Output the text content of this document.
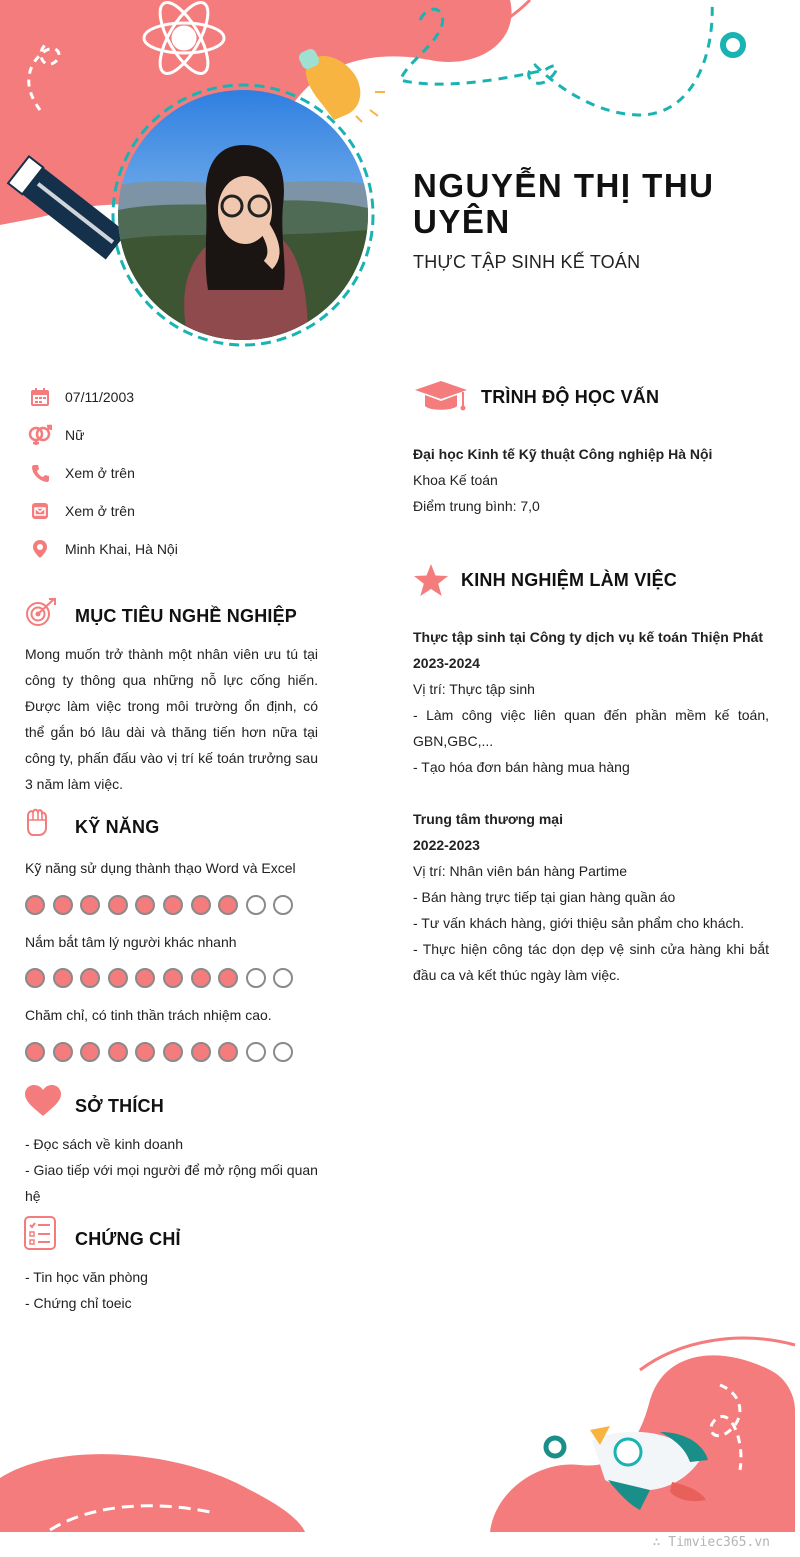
NGUYỄN THỊ THU UYÊN
THỰC TẬP SINH KẾ TOÁN
07/11/2003
Nữ
Xem ở trên
Xem ở trên
Minh Khai, Hà Nội
MỤC TIÊU NGHỀ NGHIỆP
Mong muốn trở thành một nhân viên ưu tú tại công ty thông qua những nỗ lực cống hiến. Được làm việc trong môi trường ổn định, có thể gắn bó lâu dài và thăng tiến hơn nữa tại công ty, phấn đấu vào vị trí kế toán trưởng sau 3 năm làm việc.
KỸ NĂNG
Kỹ năng sử dụng thành thạo Word và Excel
Nắm bắt tâm lý người khác nhanh
Chăm chỉ, có tinh thần trách nhiệm cao.
SỞ THÍCH
- Đọc sách về kinh doanh
- Giao tiếp với mọi người để mở rộng mối quan hệ
CHỨNG CHỈ
- Tin học văn phòng
- Chứng chỉ toeic
TRÌNH ĐỘ HỌC VẤN
Đại học Kinh tế Kỹ thuật Công nghiệp Hà Nội
Khoa Kế toán
Điểm trung bình: 7,0
KINH NGHIỆM LÀM VIỆC
Thực tập sinh tại Công ty dịch vụ kế toán Thiện Phát
2023-2024
Vị trí: Thực tập sinh
- Làm công việc liên quan đến phần mềm kế toán, GBN,GBC,...
- Tạo hóa đơn bán hàng mua hàng
Trung tâm thương mại
2022-2023
Vị trí: Nhân viên bán hàng Partime
- Bán hàng trực tiếp tại gian hàng quần áo
- Tư vấn khách hàng, giới thiệu sản phẩm cho khách.
- Thực hiện công tác dọn dẹp vệ sinh cửa hàng khi bắt đầu ca và kết thúc ngày làm việc.
∴ Timviec365.vn
